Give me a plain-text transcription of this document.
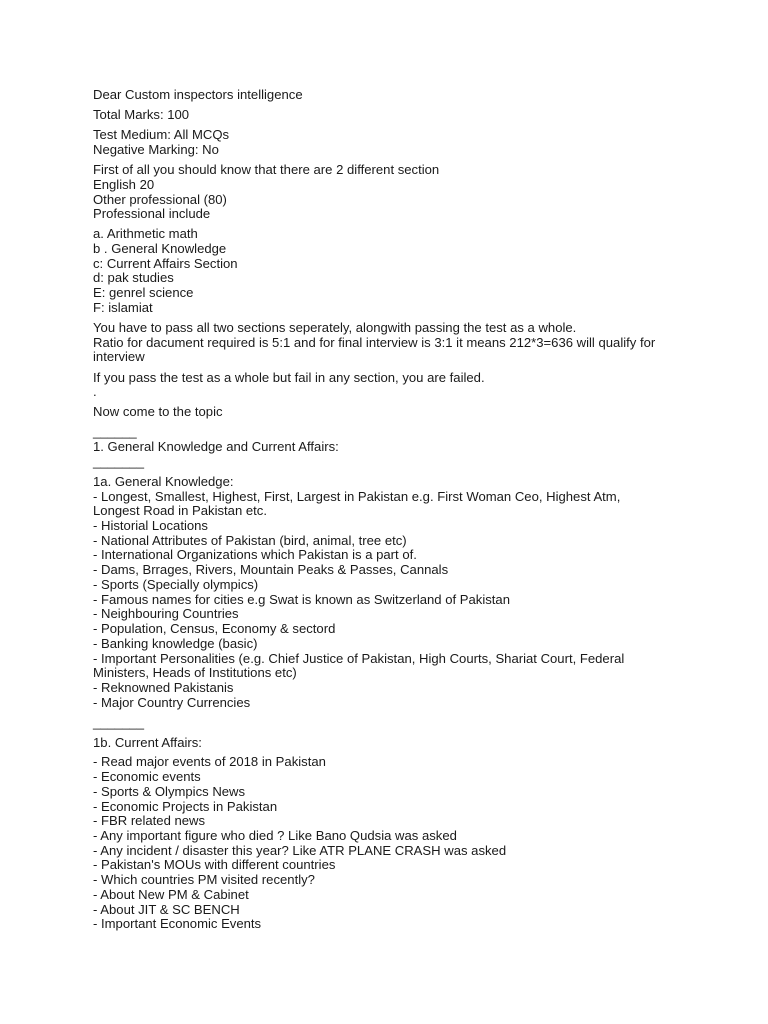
Dear Custom inspectors intelligence
Total Marks: 100
Test Medium: All MCQs
Negative Marking: No
First of all you should know that there are 2 different section
English 20
Other professional (80)
Professional include
a. Arithmetic math
b . General Knowledge
c: Current Affairs Section
d: pak studies
E: genrel science
F: islamiat
You have to pass all two sections seperately, alongwith passing the test as a whole.
Ratio for dacument required is 5:1 and for final interview is 3:1 it means 212*3=636 will qualify for
interview
If you pass the test as a whole but fail in any section, you are failed.
.
Now come to the topic
______
1. General Knowledge and Current Affairs:
_______
1a. General Knowledge:
- Longest, Smallest, Highest, First, Largest in Pakistan e.g. First Woman Ceo, Highest Atm,
Longest Road in Pakistan etc.
- Historial Locations
- National Attributes of Pakistan (bird, animal, tree etc)
- International Organizations which Pakistan is a part of.
- Dams, Brrages, Rivers, Mountain Peaks & Passes, Cannals
- Sports (Specially olympics)
- Famous names for cities e.g Swat is known as Switzerland of Pakistan
- Neighbouring Countries
- Population, Census, Economy & sectord
- Banking knowledge (basic)
- Important Personalities (e.g. Chief Justice of Pakistan, High Courts, Shariat Court, Federal
Ministers, Heads of Institutions etc)
- Reknowned Pakistanis
- Major Country Currencies
_______
1b. Current Affairs:
- Read major events of 2018 in Pakistan
- Economic events
- Sports & Olympics News
- Economic Projects in Pakistan
- FBR related news
- Any important figure who died ? Like Bano Qudsia was asked
- Any incident / disaster this year? Like ATR PLANE CRASH was asked
- Pakistan's MOUs with different countries
- Which countries PM visited recently?
- About New PM & Cabinet
- About JIT & SC BENCH
- Important Economic Events
